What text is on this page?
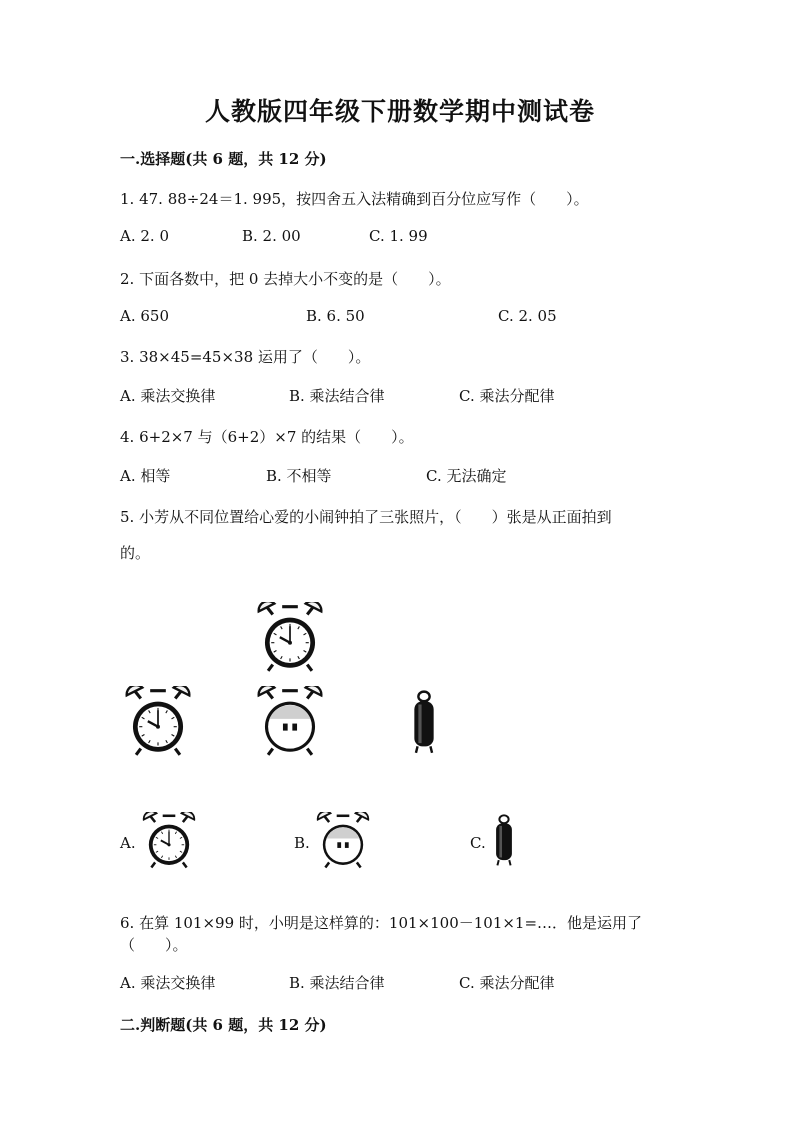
人教版四年级下册数学期中测试卷
一.选择题(共 6 题，共 12 分)
1. 47. 88÷24＝1. 995，按四舍五入法精确到百分位应写作（　　）。
A. 2. 0	B. 2. 00	C. 1. 99
2. 下面各数中，把 0 去掉大小不变的是（　　）。
A. 650	B. 6. 50	C. 2. 05
3. 38×45=45×38 运用了（　　）。
A. 乘法交换律	B. 乘法结合律	C. 乘法分配律
4. 6+2×7 与（6+2）×7 的结果（　　）。
A. 相等	B. 不相等	C. 无法确定
5. 小芳从不同位置给心爱的小闹钟拍了三张照片，（　　）张是从正面拍到
的。
A.	B.	C.
6. 在算 101×99 时，小明是这样算的：101×100－101×1=…．他是运用了
（　　）。
A. 乘法交换律	B. 乘法结合律	C. 乘法分配律
二.判断题(共 6 题，共 12 分)
